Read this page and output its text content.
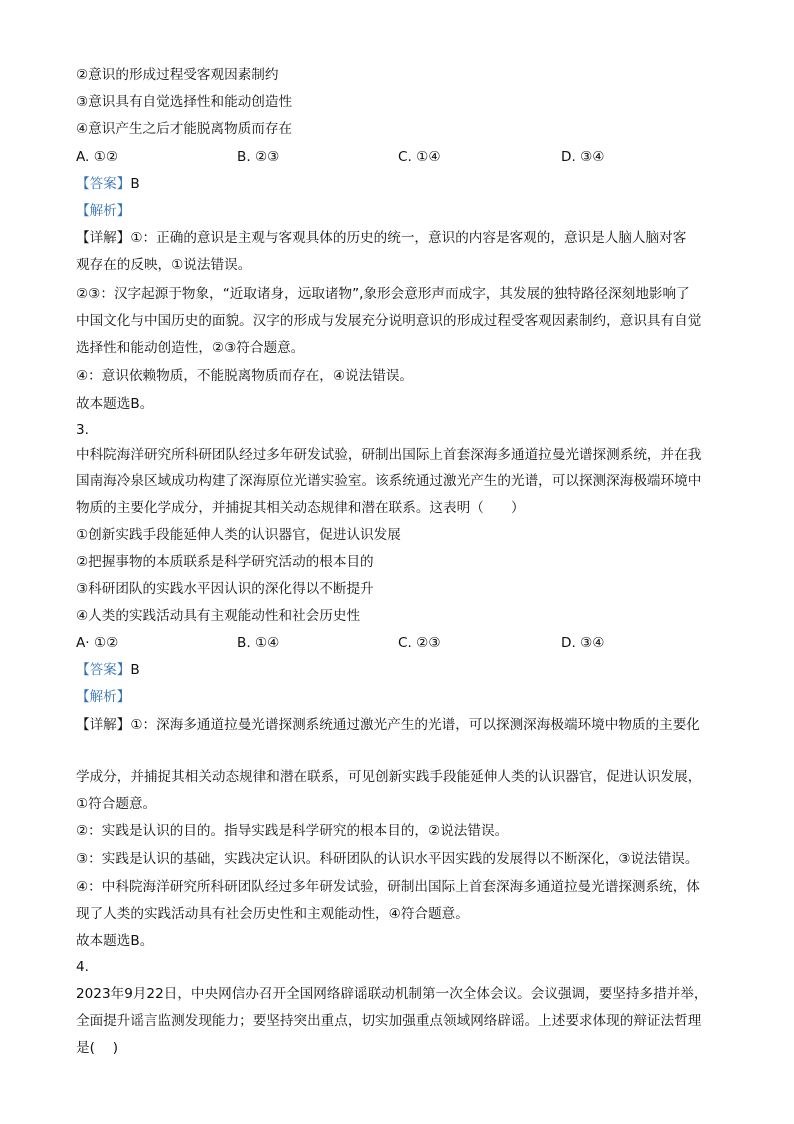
②意识的形成过程受客观因素制约
③意识具有自觉选择性和能动创造性
④意识产生之后才能脱离物质而存在
A. ①②	B. ②③	C. ①④	D. ③④
【答案】B
【解析】
【详解】①：正确的意识是主观与客观具体的历史的统一，意识的内容是客观的，意识是人脑人脑对客
观存在的反映，①说法错误。
②③：汉字起源于物象，“近取诸身，远取诸物”,象形会意形声而成字，其发展的独特路径深刻地影响了
中国文化与中国历史的面貌。汉字的形成与发展充分说明意识的形成过程受客观因素制约，意识具有自觉
选择性和能动创造性，②③符合题意。
④：意识依赖物质，不能脱离物质而存在，④说法错误。
故本题选B。
3.
中科院海洋研究所科研团队经过多年研发试验，研制出国际上首套深海多通道拉曼光谱探测系统，并在我
国南海冷泉区域成功构建了深海原位光谱实验室。该系统通过激光产生的光谱，可以探测深海极端环境中
物质的主要化学成分，并捕捉其相关动态规律和潜在联系。这表明（　　）
①创新实践手段能延伸人类的认识器官，促进认识发展
②把握事物的本质联系是科学研究活动的根本目的
③科研团队的实践水平因认识的深化得以不断提升
④人类的实践活动具有主观能动性和社会历史性
A· ①②	B. ①④	C. ②③	D. ③④
【答案】B
【解析】
【详解】①：深海多通道拉曼光谱探测系统通过激光产生的光谱，可以探测深海极端环境中物质的主要化
学成分，并捕捉其相关动态规律和潜在联系，可见创新实践手段能延伸人类的认识器官，促进认识发展，
①符合题意。
②：实践是认识的目的。指导实践是科学研究的根本目的，②说法错误。
③：实践是认识的基础，实践决定认识。科研团队的认识水平因实践的发展得以不断深化，③说法错误。
④：中科院海洋研究所科研团队经过多年研发试验，研制出国际上首套深海多通道拉曼光谱探测系统，体
现了人类的实践活动具有社会历史性和主观能动性，④符合题意。
故本题选B。
4.
2023年9月22日，中央网信办召开全国网络辟谣联动机制第一次全体会议。会议强调，要坚持多措并举，
全面提升谣言监测发现能力；要坚持突出重点，切实加强重点领域网络辟谣。上述要求体现的辩证法哲理
是(　 )
